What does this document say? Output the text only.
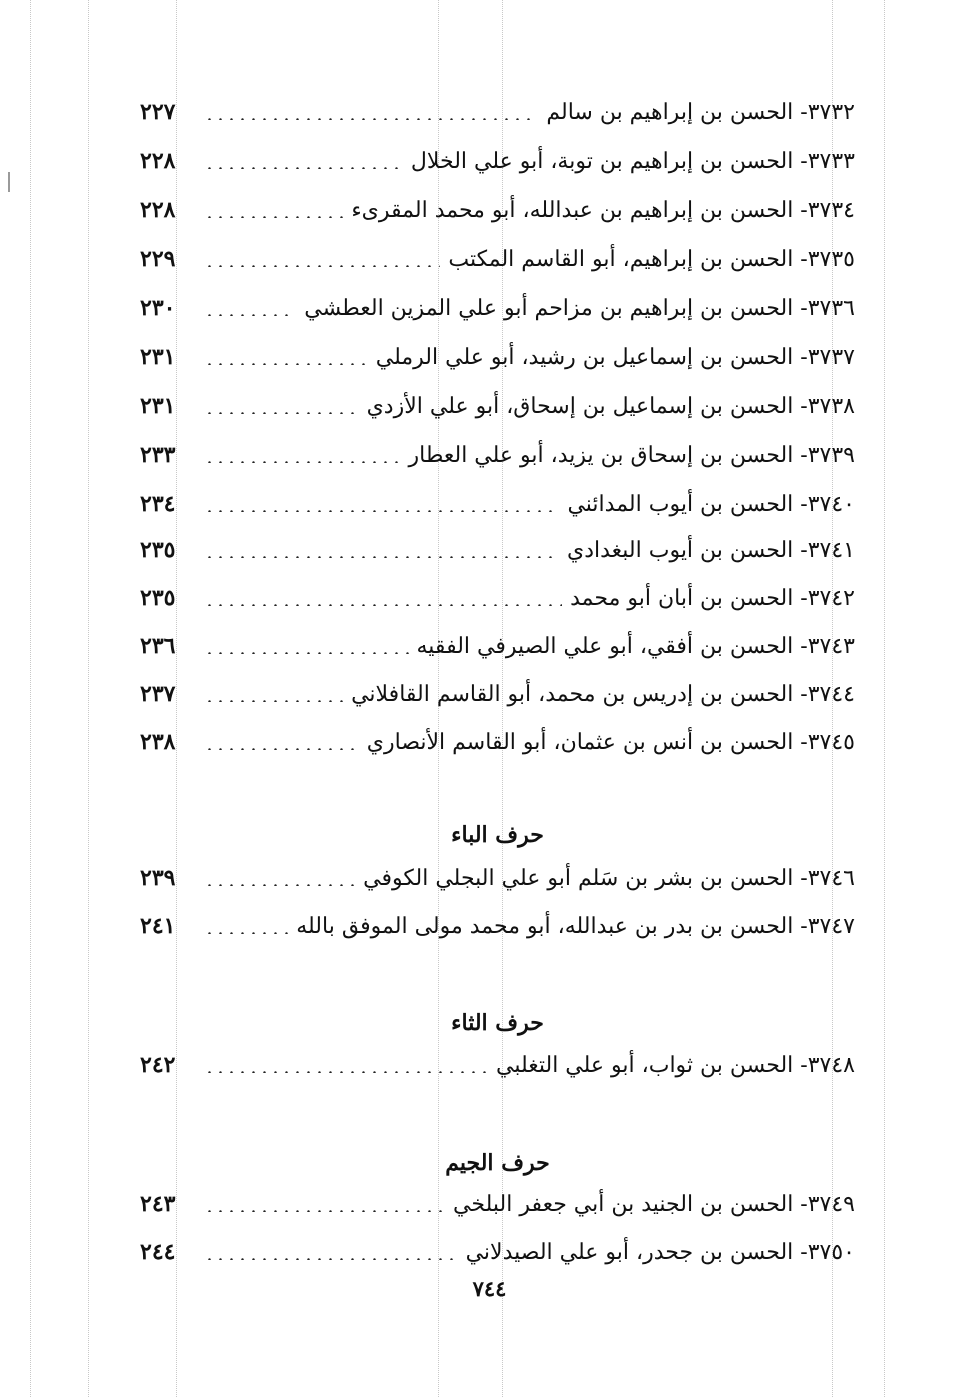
٢٢٧	٣٧٣٢- الحسن بن إبراهيم بن سالم
٢٢٨	٣٧٣٣- الحسن بن إبراهيم بن توبة، أبو علي الخلال
٢٢٨	٣٧٣٤- الحسن بن إبراهيم بن عبدالله، أبو محمد المقرىء
٢٢٩	٣٧٣٥- الحسن بن إبراهيم، أبو القاسم المكتب
٢٣٠	٣٧٣٦- الحسن بن إبراهيم بن مزاحم أبو علي المزين العطشي
٢٣١	٣٧٣٧- الحسن بن إسماعيل بن رشيد، أبو علي الرملي
٢٣١	٣٧٣٨- الحسن بن إسماعيل بن إسحاق، أبو علي الأزدي
٢٣٣	٣٧٣٩- الحسن بن إسحاق بن يزيد، أبو علي العطار
٢٣٤	٣٧٤٠- الحسن بن أيوب المدائني
٢٣٥	٣٧٤١- الحسن بن أيوب البغدادي
٢٣٥	٣٧٤٢- الحسن بن أبان أبو محمد
٢٣٦	٣٧٤٣- الحسن بن أفقي، أبو علي الصيرفي الفقيه
٢٣٧	٣٧٤٤- الحسن بن إدريس بن محمد، أبو القاسم القافلاني
٢٣٨	٣٧٤٥- الحسن بن أنس بن عثمان، أبو القاسم الأنصاري
حرف الباء
٢٣٩	٣٧٤٦- الحسن بن بشر بن سَلم أبو علي البجلي الكوفي
٢٤١	٣٧٤٧- الحسن بن بدر بن عبدالله، أبو محمد مولى الموفق بالله
حرف الثاء
٢٤٢	٣٧٤٨- الحسن بن ثواب، أبو علي التغلبي
حرف الجيم
٢٤٣	٣٧٤٩- الحسن بن الجنيد بن أبي جعفر البلخي
٢٤٤	٣٧٥٠- الحسن بن جحدر، أبو علي الصيدلاني
٧٤٤
